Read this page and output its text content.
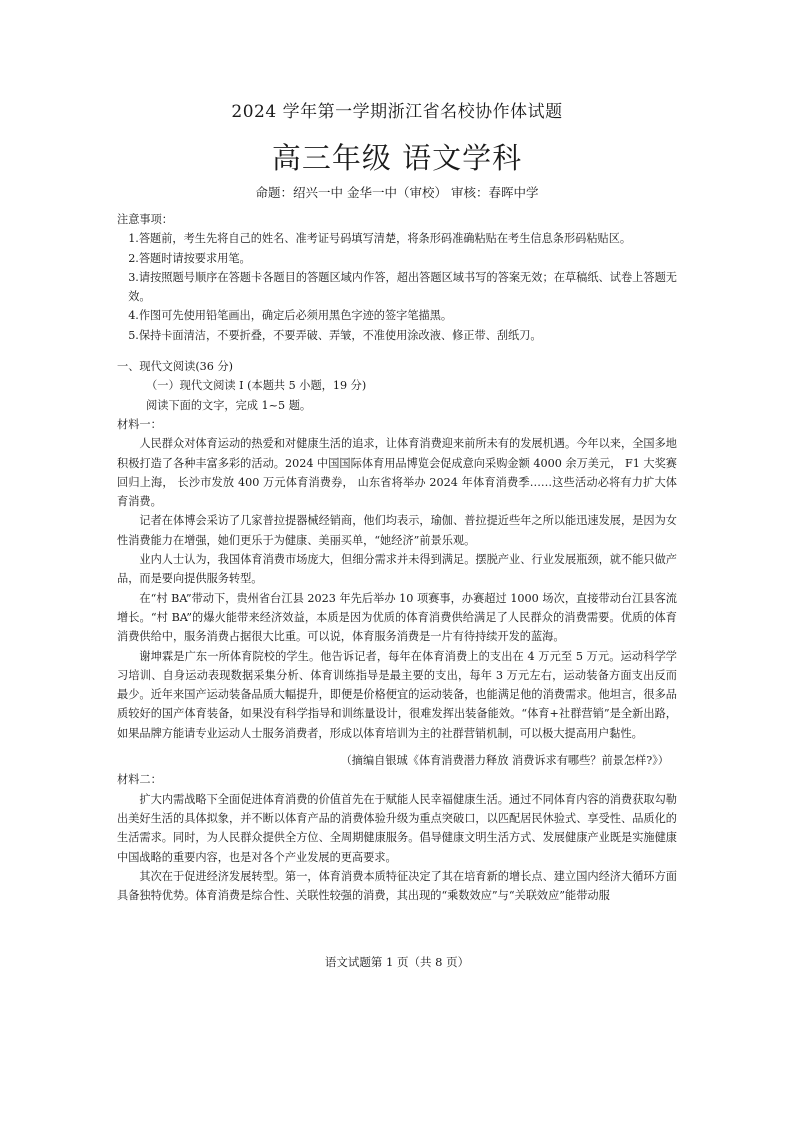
2024 学年第一学期浙江省名校协作体试题
高三年级 语文学科
命题：绍兴一中 金华一中（审校） 审核：春晖中学

注意事项：

1.答题前，考生先将自己的姓名、准考证号码填写清楚，将条形码准确粘贴在考生信息条形码粘贴区。

2.答题时请按要求用笔。

3.请按照题号顺序在答题卡各题目的答题区域内作答，超出答题区域书写的答案无效；在草稿纸、试卷上答题无效。

4.作图可先使用铅笔画出，确定后必须用黑色字迹的签字笔描黑。

5.保持卡面清洁，不要折叠，不要弄破、弄皱，不准使用涂改液、修正带、刮纸刀。

一、现代文阅读(36 分)

（一）现代文阅读 I (本题共 5 小题，19 分)

阅读下面的文字，完成 1~5 题。

材料一：

人民群众对体育运动的热爱和对健康生活的追求，让体育消费迎来前所未有的发展机遇。今年以来，全国多地积极打造了各种丰富多彩的活动。2024 中国国际体育用品博览会促成意向采购金额 4000 余万美元， F1 大奖赛回归上海， 长沙市发放 400 万元体育消费券， 山东省将举办 2024 年体育消费季……这些活动必将有力扩大体育消费。

记者在体博会采访了几家普拉提器械经销商，他们均表示，瑜伽、普拉提近些年之所以能迅速发展，是因为女性消费能力在增强，她们更乐于为健康、美丽买单，“她经济”前景乐观。

业内人士认为，我国体育消费市场庞大，但细分需求并未得到满足。摆脱产业、行业发展瓶颈，就不能只做产品，而是要向提供服务转型。

在“村 BA”带动下，贵州省台江县 2023 年先后举办 10 项赛事，办赛超过 1000 场次，直接带动台江县客流增长。“村 BA”的爆火能带来经济效益，本质是因为优质的体育消费供给满足了人民群众的消费需要。优质的体育消费供给中，服务消费占据很大比重。可以说，体育服务消费是一片有待持续开发的蓝海。

谢坤霖是广东一所体育院校的学生。他告诉记者，每年在体育消费上的支出在 4 万元至 5 万元。运动科学学习培训、自身运动表现数据采集分析、体育训练指导是最主要的支出，每年 3 万元左右，运动装备方面支出反而最少。近年来国产运动装备品质大幅提升，即便是价格便宜的运动装备，也能满足他的消费需求。他坦言，很多品质较好的国产体育装备，如果没有科学指导和训练量设计，很难发挥出装备能效。“体育+社群营销”是全新出路，如果品牌方能请专业运动人士服务消费者，形成以体育培训为主的社群营销机制，可以极大提高用户黏性。

（摘编自银珹《体育消费潜力释放 消费诉求有哪些？前景怎样?》）

材料二：

扩大内需战略下全面促进体育消费的价值首先在于赋能人民幸福健康生活。通过不同体育内容的消费获取勾勒出美好生活的具体拟象，并不断以体育产品的消费体验升级为重点突破口，以匹配居民休验式、享受性、品质化的生活需求。同时，为人民群众提供全方位、全周期健康服务。倡导健康文明生活方式、发展健康产业既是实施健康中国战略的重要内容，也是对各个产业发展的更高要求。

其次在于促进经济发展转型。第一，体育消费本质特征决定了其在培育新的增长点、建立国内经济大循环方面具备独特优势。体育消费是综合性、关联性较强的消费，其出现的“乘数效应”与“关联效应”能带动服

语文试题第 1 页（共 8 页）
